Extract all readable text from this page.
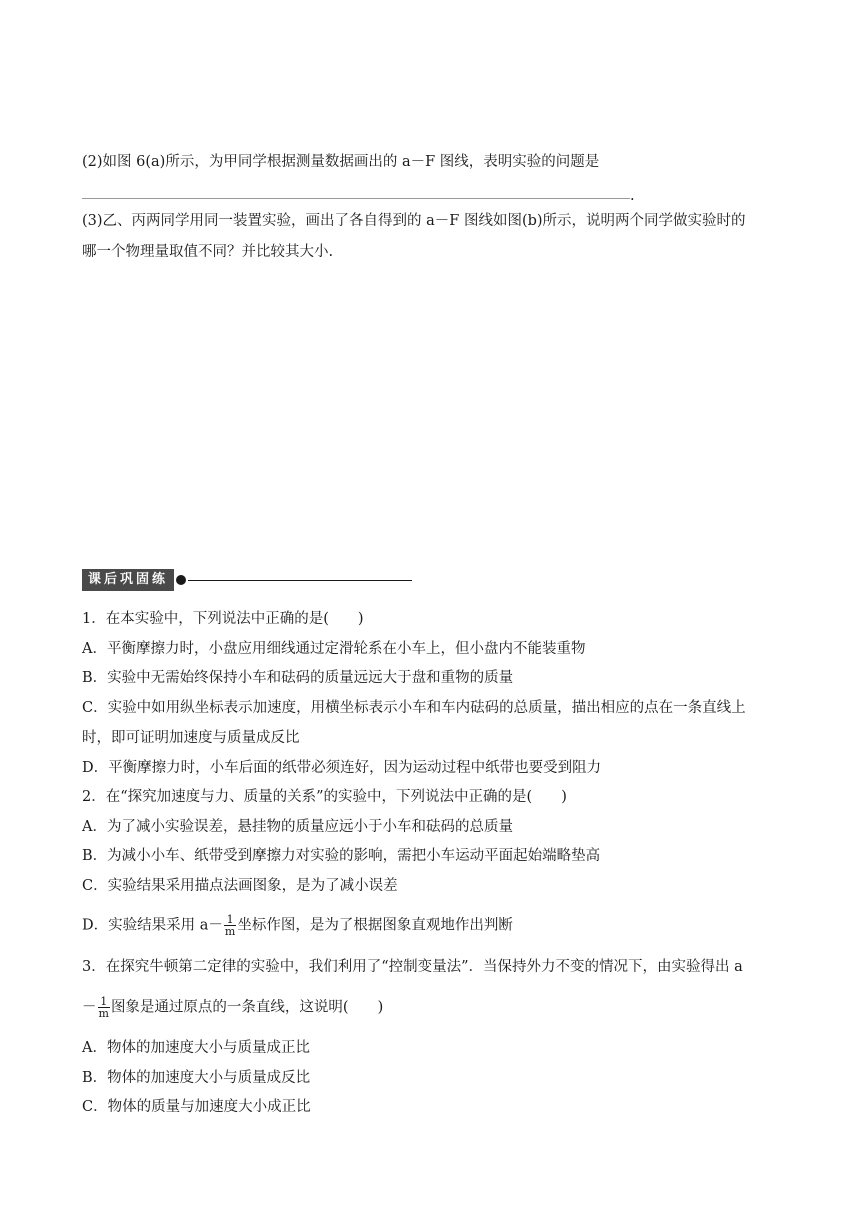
(2)如图 6(a)所示，为甲同学根据测量数据画出的 a－F 图线，表明实验的问题是
.
(3)乙、丙两同学用同一装置实验，画出了各自得到的 a－F 图线如图(b)所示，说明两个同学做实验时的
哪一个物理量取值不同？并比较其大小.
课后巩固练
1．在本实验中，下列说法中正确的是(　　)
A．平衡摩擦力时，小盘应用细线通过定滑轮系在小车上，但小盘内不能装重物
B．实验中无需始终保持小车和砝码的质量远远大于盘和重物的质量
C．实验中如用纵坐标表示加速度，用横坐标表示小车和车内砝码的总质量，描出相应的点在一条直线上
时，即可证明加速度与质量成反比
D．平衡摩擦力时，小车后面的纸带必须连好，因为运动过程中纸带也要受到阻力
2．在“探究加速度与力、质量的关系”的实验中，下列说法中正确的是(　　)
A．为了减小实验误差，悬挂物的质量应远小于小车和砝码的总质量
B．为减小小车、纸带受到摩擦力对实验的影响，需把小车运动平面起始端略垫高
C．实验结果采用描点法画图象，是为了减小误差
D．实验结果采用 $a- \frac{1}{m}$ 坐标作图，是为了根据图象直观地作出判断
3．在探究牛顿第二定律的实验中，我们利用了“控制变量法”．当保持外力不变的情况下，由实验得出 a
－ $\frac{1}{m}$ 图象是通过原点的一条直线，这说明(　　)
A．物体的加速度大小与质量成正比
B．物体的加速度大小与质量成反比
C．物体的质量与加速度大小成正比
